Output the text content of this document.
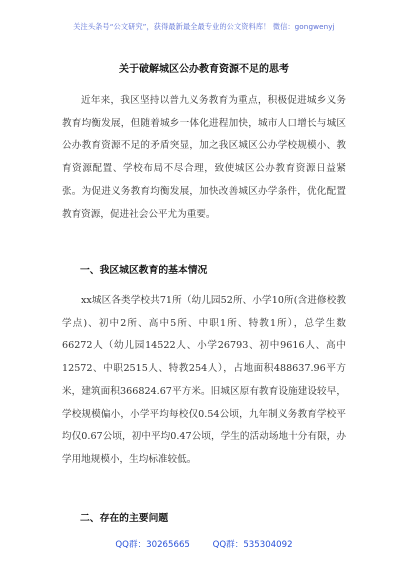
关注头条号“公文研究”，获得最新最全最专业的公文资料库！ 微信：gongwenyj
关于破解城区公办教育资源不足的思考
近年来，我区坚持以普九义务教育为重点，积极促进城乡义务教育均衡发展，但随着城乡一体化进程加快，城市人口增长与城区公办教育资源不足的矛盾突显，加之我区城区公办学校规模小、教育资源配置、学校布局不尽合理，致使城区公办教育资源日益紧张。为促进义务教育均衡发展，加快改善城区办学条件，优化配置教育资源，促进社会公平尤为重要。
一、我区城区教育的基本情况
xx城区各类学校共71所（幼儿园52所、小学10所(含进修校教学点)、初中2所、高中5所、中职1所、特教1所），总学生数66272人（幼儿园14522人、小学26793、初中9616人、高中12572、中职2515人、特教254人），占地面积488637.96平方米，建筑面积366824.67平方米。旧城区原有教育设施建设较早，学校规模偏小，小学平均每校仅0.54公顷，九年制义务教育学校平均仅0.67公顷，初中平均0.47公顷，学生的活动场地十分有限，办学用地规模小，生均标准较低。
二、存在的主要问题
QQ群：30265665	QQ群：535304092
